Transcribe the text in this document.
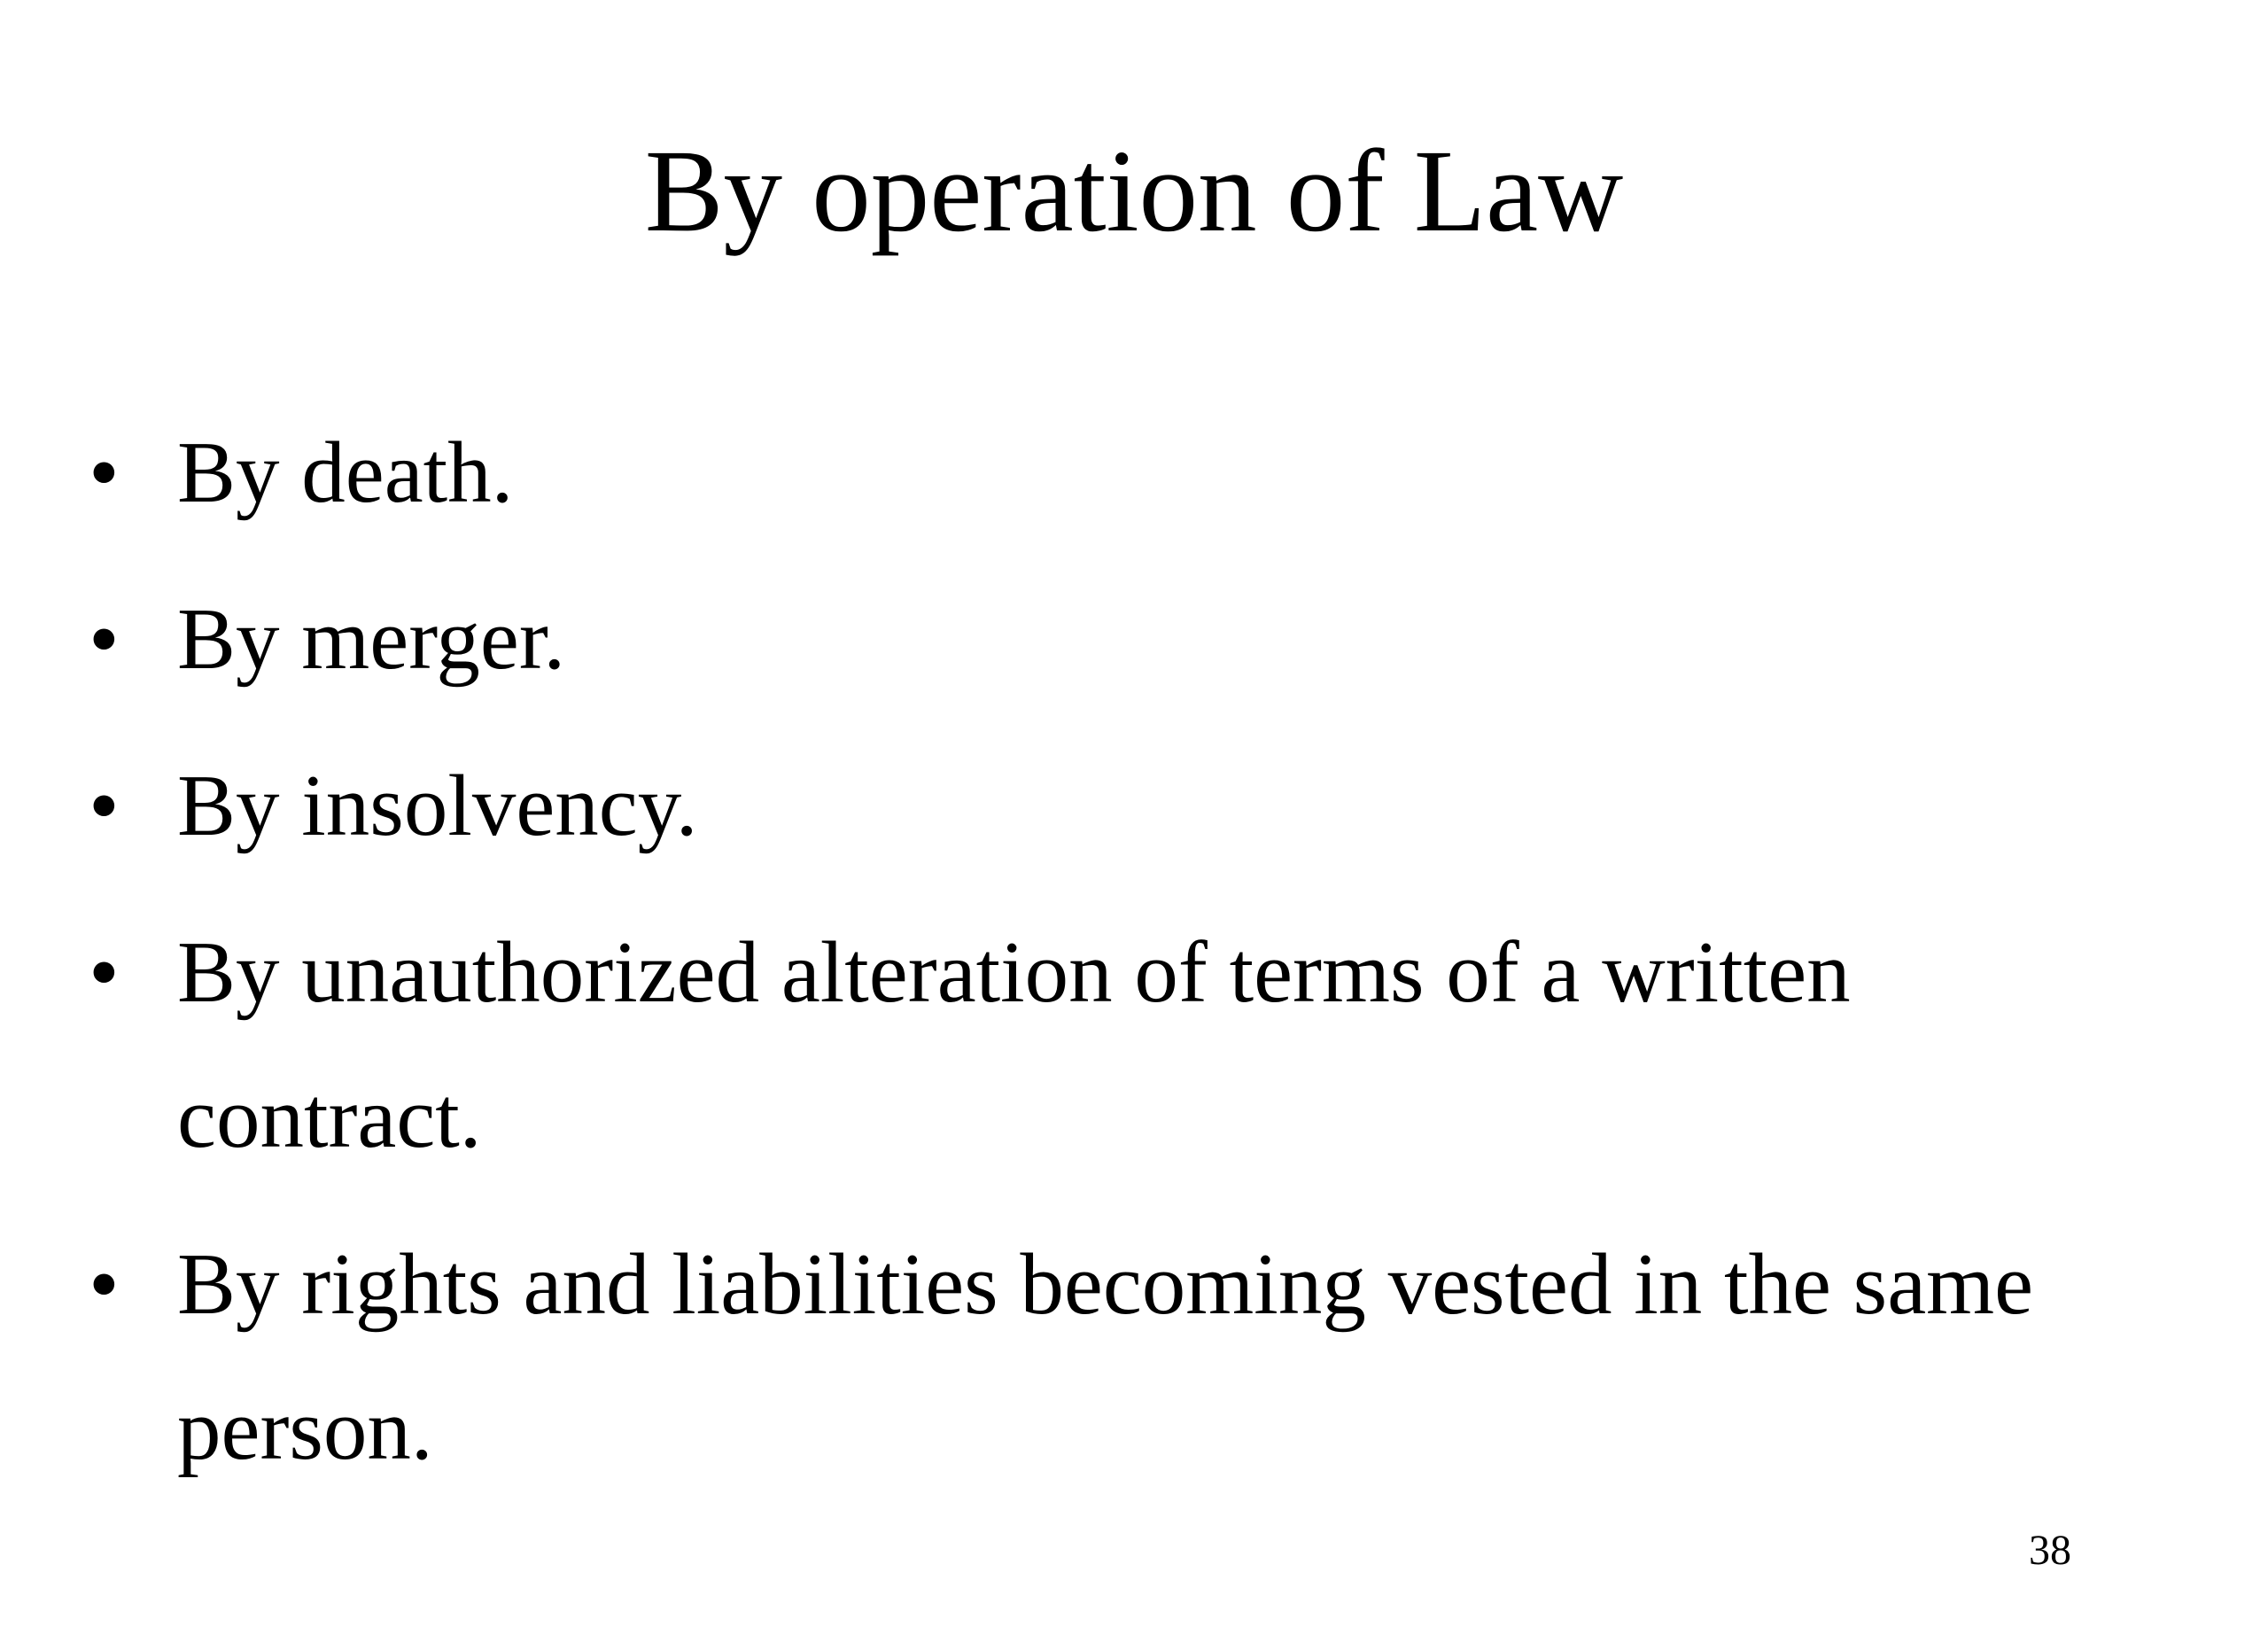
By operation of Law
• By death.
• By merger.
• By insolvency.
• By unauthorized alteration of terms of a written
contract.
• By rights and liabilities becoming vested in the same
person.
38
